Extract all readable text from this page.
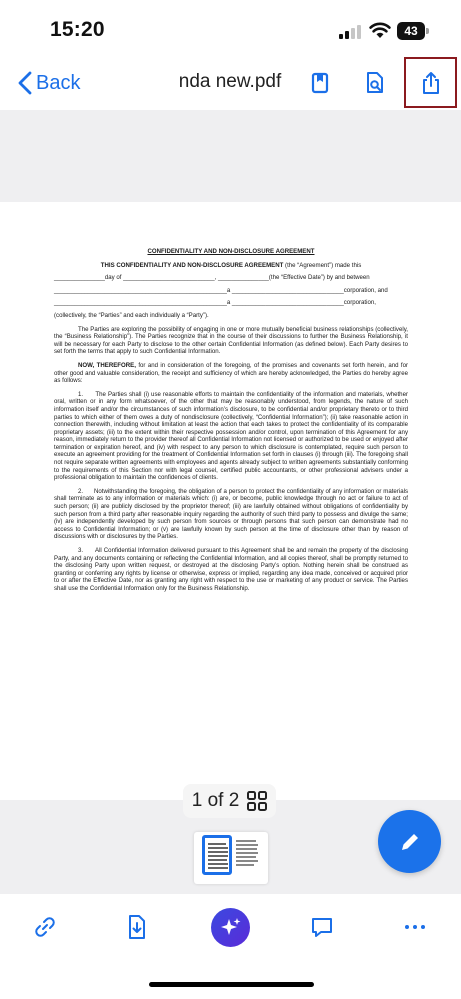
15:20	43
Back	nda new.pdf

CONFIDENTIALITY AND NON-DISCLOSURE AGREEMENT

THIS CONFIDENTIALITY AND NON-DISCLOSURE AGREEMENT (the “Agreement”) made this

_______________day of ___________________________, _______________(the “Effective Date”) by and between

___________________________________________________a _________________________________corporation, and

___________________________________________________a _________________________________corporation,

(collectively, the “Parties” and each individually a “Party”).

The Parties are exploring the possibility of engaging in one or more mutually beneficial business relationships (collectively, the “Business Relationship”). The Parties recognize that in the course of their discussions to further the Business Relationship, it will be necessary for each Party to disclose to the other certain Confidential Information (as defined below). Each Party desires to set forth the terms that apply to such Confidential Information.

NOW, THEREFORE, for and in consideration of the foregoing, of the promises and covenants set forth herein, and for other good and valuable consideration, the receipt and sufficiency of which are hereby acknowledged, the Parties do hereby agree as follows:

1.      The Parties shall (i) use reasonable efforts to maintain the confidentiality of the information and materials, whether oral, written or in any form whatsoever, of the other that may be reasonably understood, from legends, the nature of such information itself and/or the circumstances of such information’s disclosure, to be confidential and/or proprietary thereto or to third parties to which either of them owes a duty of nondisclosure (collectively, “Confidential Information”); (ii) take reasonable action in connection therewith, including without limitation at least the action that each takes to protect the confidentiality of its comparable proprietary assets; (iii) to the extent within their respective possession and/or control, upon termination of this Agreement for any reason, immediately return to the provider thereof all Confidential Information not licensed or authorized to be used or enjoyed after termination or expiration hereof, and (iv) with respect to any person to which disclosure is contemplated, require such person to execute an agreement providing for the treatment of Confidential Information set forth in clauses (i) through (iii). The foregoing shall not require separate written agreements with employees and agents already subject to written agreements substantially conforming to the requirements of this Section nor with legal counsel, certified public accountants, or other professional advisers under a professional obligation to maintain the confidences of clients.

2.      Notwithstanding the foregoing, the obligation of a person to protect the confidentiality of any information or materials shall terminate as to any information or materials which: (i) are, or become, public knowledge through no act or failure to act of such person; (ii) are publicly disclosed by the proprietor thereof; (iii) are lawfully obtained without obligations of confidentiality by such person from a third party after reasonable inquiry regarding the authority of such third party to possess and divulge the same; (iv) are independently developed by such person from sources or through persons that such person can demonstrate had no access to Confidential Information; or (v) are lawfully known by such person at the time of disclosure other than by reason of discussions with or disclosures by the Parties.

3.      All Confidential Information delivered pursuant to this Agreement shall be and remain the property of the disclosing Party, and any documents containing or reflecting the Confidential Information, and all copies thereof, shall be promptly returned to the disclosing Party upon written request, or destroyed at the disclosing Party’s option. Nothing herein shall be construed as granting or conferring any rights by license or otherwise, express or implied, regarding any idea made, conceived or acquired prior to or after the Effective Date, nor as granting any right with respect to the use or marketing of any product or service. The Parties shall use the Confidential Information only for the Business Relationship.

1 of 2
